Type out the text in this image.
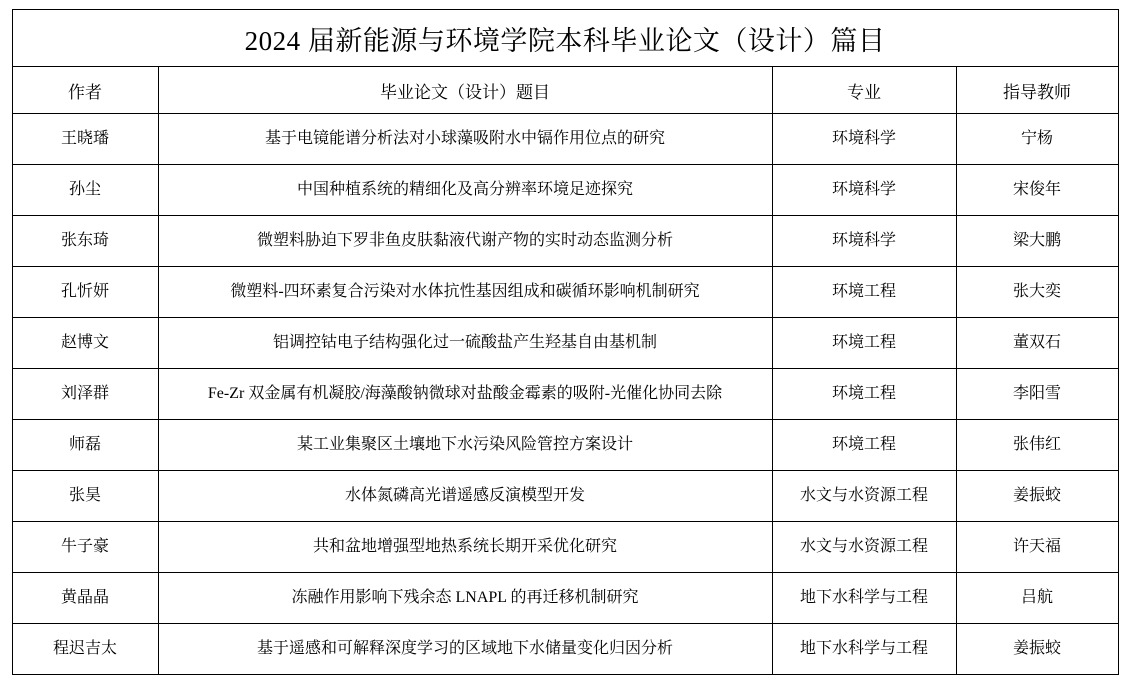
2024 届新能源与环境学院本科毕业论文（设计）篇目			
作者	毕业论文（设计）题目	专业	指导教师
王晓璠	基于电镜能谱分析法对小球藻吸附水中镉作用位点的研究	环境科学	宁杨
孙尘	中国种植系统的精细化及高分辨率环境足迹探究	环境科学	宋俊年
张东琦	微塑料胁迫下罗非鱼皮肤黏液代谢产物的实时动态监测分析	环境科学	梁大鹏
孔忻妍	微塑料-四环素复合污染对水体抗性基因组成和碳循环影响机制研究	环境工程	张大奕
赵博文	铝调控钴电子结构强化过一硫酸盐产生羟基自由基机制	环境工程	董双石
刘泽群	Fe-Zr 双金属有机凝胶/海藻酸钠微球对盐酸金霉素的吸附-光催化协同去除	环境工程	李阳雪
师磊	某工业集聚区土壤地下水污染风险管控方案设计	环境工程	张伟红
张昊	水体氮磷高光谱遥感反演模型开发	水文与水资源工程	姜振蛟
牛子豪	共和盆地增强型地热系统长期开采优化研究	水文与水资源工程	许天福
黄晶晶	冻融作用影响下残余态 LNAPL 的再迁移机制研究	地下水科学与工程	吕航
程迟吉太	基于遥感和可解释深度学习的区域地下水储量变化归因分析	地下水科学与工程	姜振蛟
